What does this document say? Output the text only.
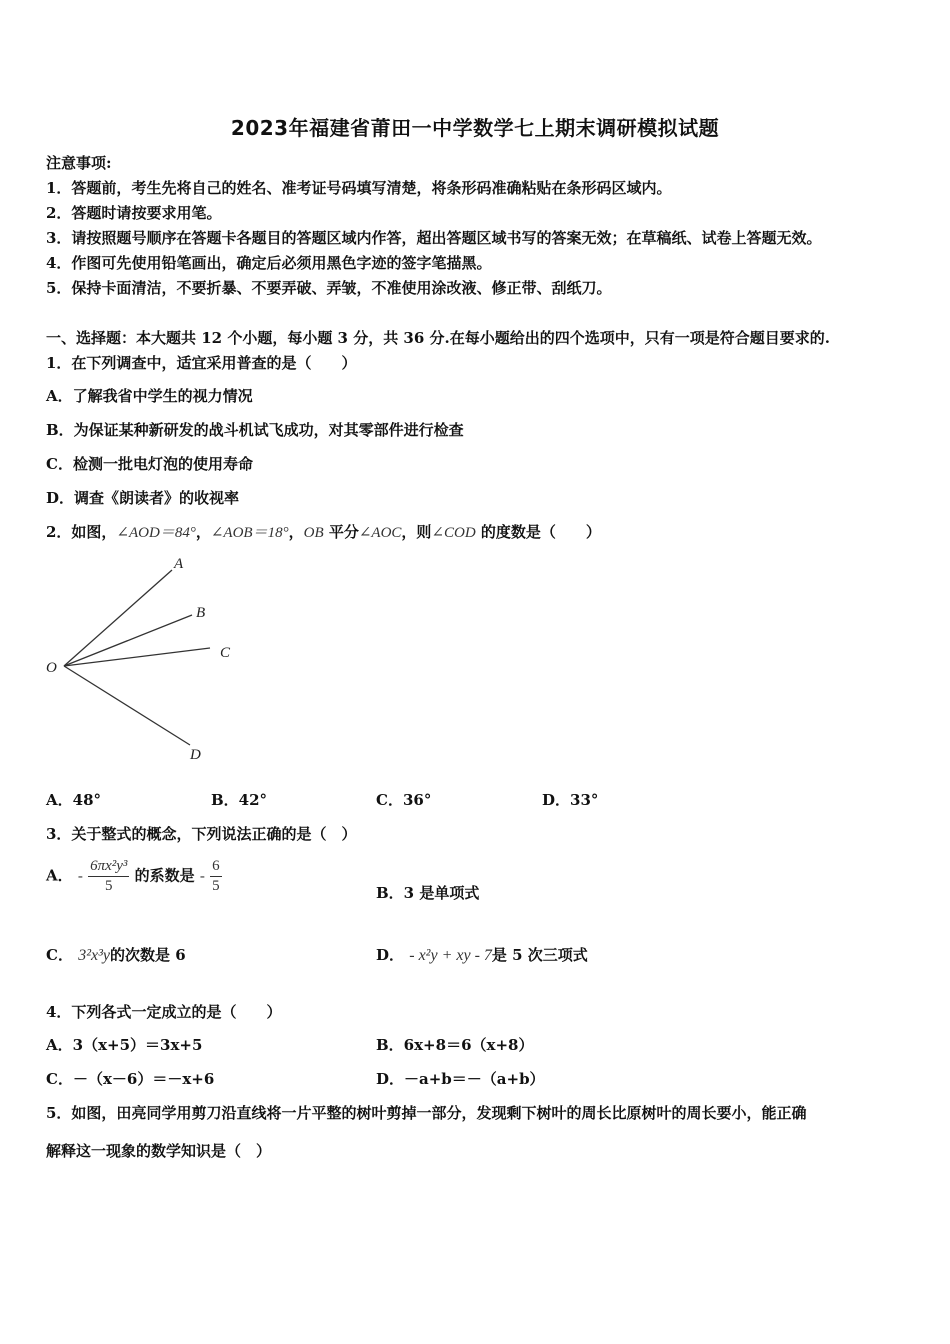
2023年福建省莆田一中学数学七上期末调研模拟试题
注意事项:
1．答题前，考生先将自己的姓名、准考证号码填写清楚，将条形码准确粘贴在条形码区域内。
2．答题时请按要求用笔。
3．请按照题号顺序在答题卡各题目的答题区域内作答，超出答题区域书写的答案无效；在草稿纸、试卷上答题无效。
4．作图可先使用铅笔画出，确定后必须用黑色字迹的签字笔描黑。
5．保持卡面清洁，不要折暴、不要弄破、弄皱，不准使用涂改液、修正带、刮纸刀。
一、选择题：本大题共 12 个小题，每小题 3 分，共 36 分.在每小题给出的四个选项中，只有一项是符合题目要求的.
1．在下列调查中，适宜采用普查的是（　　）
A．了解我省中学生的视力情况
B．为保证某种新研发的战斗机试飞成功，对其零部件进行检查
C．检测一批电灯泡的使用寿命
D．调查《朗读者》的收视率
2．如图，∠AOD＝84°，∠AOB＝18°，OB 平分∠AOC，则∠COD 的度数是（　　）
A
B
C
O
D
A．48°	B．42°	C．36°	D．33°
3．关于整式的概念，下列说法正确的是（　）
A． - $\frac{\text{6πx²y³}}{5}$ 的系数是 - $\frac{6}{5}$	B．3 是单项式
C． 3²x³y的次数是 6	D． - x²y + xy - 7是 5 次三项式
4．下列各式一定成立的是（　　）
A．3（x+5）＝3x+5	B．6x+8＝6（x+8）
C．－（x－6）＝－x+6	D．－a+b＝－（a+b）
5．如图，田亮同学用剪刀沿直线将一片平整的树叶剪掉一部分，发现剩下树叶的周长比原树叶的周长要小，能正确
解释这一现象的数学知识是（　）
